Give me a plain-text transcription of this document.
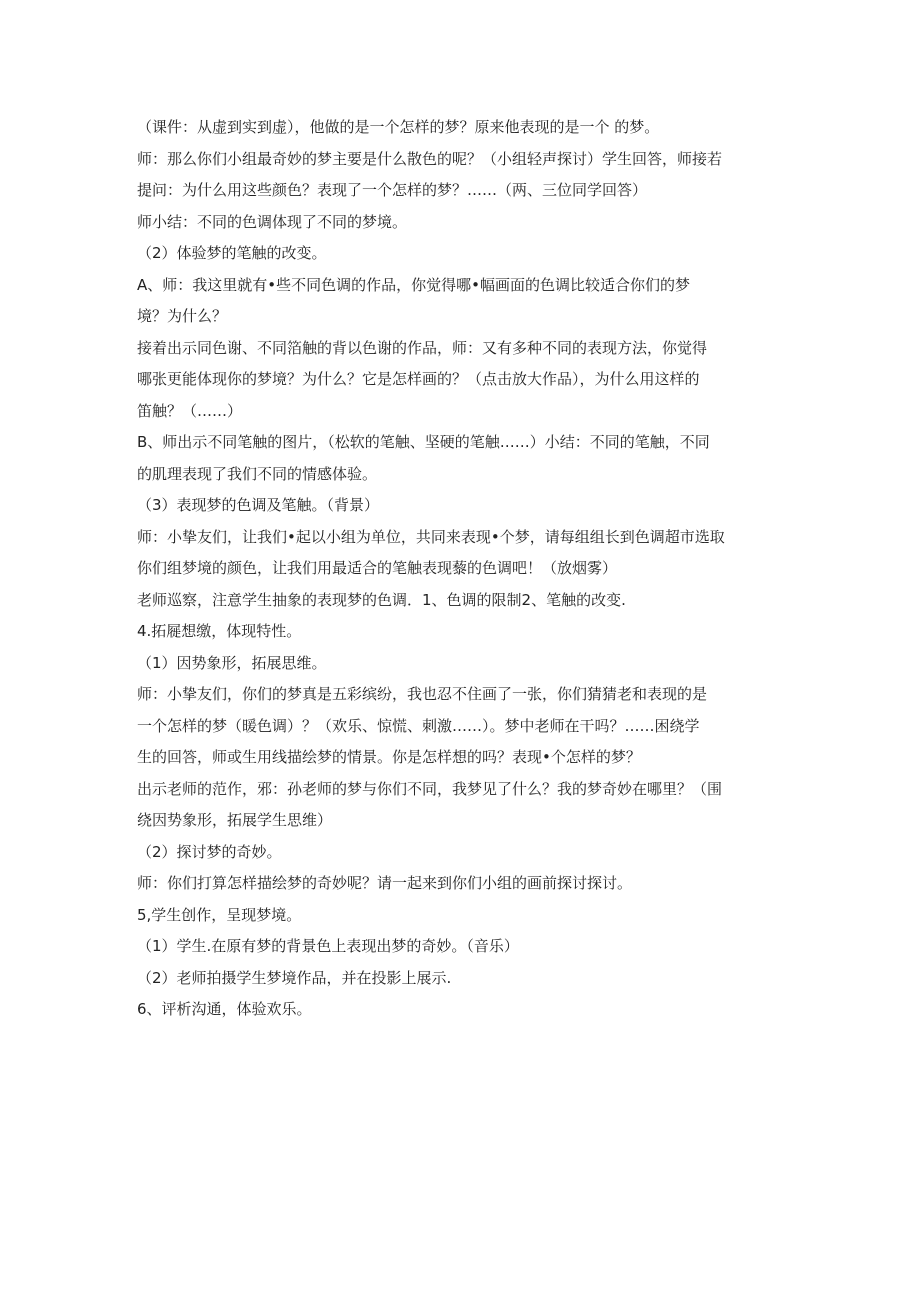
（课件：从虚到实到虚），他做的是一个怎样的梦？原来他表现的是一个 的梦。
师：那么你们小组最奇妙的梦主要是什么散色的呢？（小组轻声探讨）学生回答，师接若
提问：为什么用这些颜色？表现了一个怎样的梦？……（两、三位同学回答）
师小结：不同的色调体现了不同的梦境。
（2）体验梦的笔触的改变。
A、师：我这里就有•些不同色调的作品，你觉得哪•幅画面的色调比较适合你们的梦
境？为什么？
接着出示同色谢、不同箔触的背以色谢的作品，师：又有多种不同的表现方法，你觉得
哪张更能体现你的梦境？为什么？它是怎样画的？（点击放大作品），为什么用这样的
笛触？（……）
B、师出示不同笔触的图片，（松软的笔触、坚硬的笔触……）小结：不同的笔触，不同
的肌理表现了我们不同的情感体验。
（3）表现梦的色调及笔触。（背景）
师：小挚友们，让我们•起以小组为单位，共同来表现•个梦，请每组组长到色调超市选取
你们组梦境的颜色，让我们用最适合的笔触表现藜的色调吧！（放烟雾）
老师巡察，注意学生抽象的表现梦的色调．1、色调的限制2、笔触的改变.
4.拓屣想缴，体现特性。
（1）因势象形，拓展思维。
师：小挚友们，你们的梦真是五彩缤纷，我也忍不住画了一张，你们猜猜老和表现的是
一个怎样的梦（暖色调）？（欢乐、惊慌、刺激……）。梦中老师在干吗？……困绕学
生的回答，师或生用线描绘梦的情景。你是怎样想的吗？表现•个怎样的梦？
出示老师的范作，邪：孙老师的梦与你们不同，我梦见了什么？我的梦奇妙在哪里？（围
绕因势象形，拓展学生思维）
（2）探讨梦的奇妙。
师：你们打算怎样描绘梦的奇妙呢？请一起来到你们小组的画前探讨探讨。
5,学生创作，呈现梦境。
（1）学生.在原有梦的背景色上表现出梦的奇妙。（音乐）
（2）老师拍摄学生梦境作品，并在投影上展示.
6、评析沟通，体验欢乐。
